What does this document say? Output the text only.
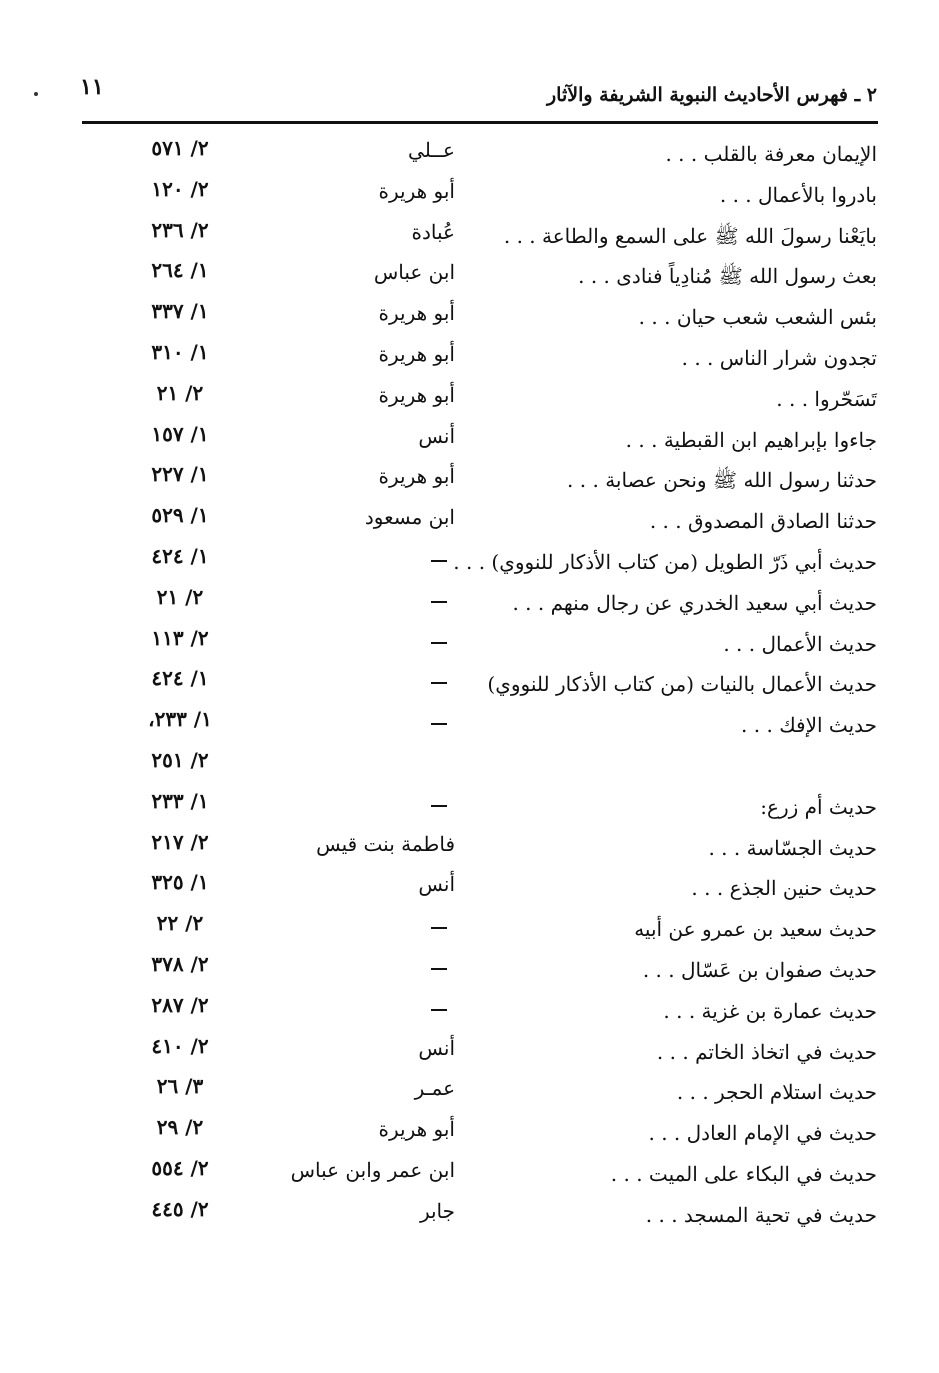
١١	٢ ـ فهرس الأحاديث النبوية الشريفة والآثار
الإيمان معرفة بالقلب . . .
عــلي
٢/ ٥٧١
بادروا بالأعمال . . .
أبو هريرة
٢/ ١٢٠
بايَعْنا رسولَ الله ﷺ على السمع والطاعة . . .
عُبادة
٢/ ٢٣٦
بعث رسول الله ﷺ مُنادِياً فنادى . . .
ابن عباس
١/ ٢٦٤
بئس الشعب شعب حيان . . .
أبو هريرة
١/ ٣٣٧
تجدون شرار الناس . . .
أبو هريرة
١/ ٣١٠
تَسَحّروا . . .
أبو هريرة
٢/ ٢١
جاءوا بإبراهيم ابن القبطية . . .
أنس
١/ ١٥٧
حدثنا رسول الله ﷺ ونحن عصابة . . .
أبو هريرة
١/ ٢٢٧
حدثنا الصادق المصدوق . . .
ابن مسعود
١/ ٥٢٩
حديث أبي ذَرّ الطويل (من كتاب الأذكار للنووي) . . .
١/ ٤٢٤
حديث أبي سعيد الخدري عن رجال منهم . . .
٢/ ٢١
حديث الأعمال . . .
٢/ ١١٣
حديث الأعمال بالنيات (من كتاب الأذكار للنووي)
١/ ٤٢٤
حديث الإفك . . .
١/ ٢٣٣،
٢/ ٢٥١
حديث أم زرع:
١/ ٢٣٣
حديث الجسّاسة . . .
فاطمة بنت قيس
٢/ ٢١٧
حديث حنين الجذع . . .
أنس
١/ ٣٢٥
حديث سعيد بن عمرو عن أبيه
٢/ ٢٢
حديث صفوان بن عَسّال . . .
٢/ ٣٧٨
حديث عمارة بن غزية . . .
٢/ ٢٨٧
حديث في اتخاذ الخاتم . . .
أنس
٢/ ٤١٠
حديث استلام الحجر . . .
عمـر
٣/ ٢٦
حديث في الإمام العادل . . .
أبو هريرة
٢/ ٢٩
حديث في البكاء على الميت . . .
ابن عمر وابن عباس
٢/ ٥٥٤
حديث في تحية المسجد . . .
جابر
٢/ ٤٤٥
